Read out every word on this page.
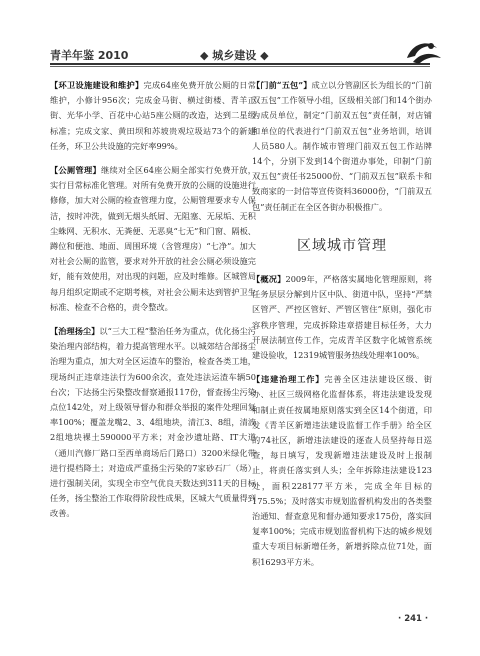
青羊年鉴 2010	◆ 城乡建设 ◆

【环卫设施建设和维护】完成64座免费开放公厕的日常维护，小修计956次；完成金马街、横过街楼、青羊正街、光华小学、百花中心站5座公厕的改造，达到二星级标准；完成文家、黄田坝和苏坡贵观垃圾站73个的新建任务，环卫公共设施的完好率99%。

【公厕管理】继续对全区64座公厕全部实行免费开放，实行目常标准化管理。对所有免费开放的公厕的设施进行修修，加大对公厕的检查管理力度，公厕管理要求专人保洁，按时冲洗，做到无烟头纸屑、无阻塞、无尿垢、无积尘蛛网、无积水、无粪便、无恶臭“七无”和门窗、隔板、蹲位和便池、地面、周围环境（含管理房）“七净”。加大对社会公厕的监管，要求对外开放的社会公厕必须设施完好，能有效使用，对出现的问题，应及时维修。区城管局每月组织定期或不定期考核，对社会公厕未达到管护卫生标准、检查不合格的，责令整改。

【治理扬尘】以“三大工程”整治任务为重点，优化扬尘污染治理内部结构，着力提高管理水平。以城郊结合部扬尘治理为重点，加大对全区运渣车的整治，检查各类工地，现场纠正违章违法行为600余次，查处违法运渣车辆50台次；下达扬尘污染整改督察通报117份，督查扬尘污染点位142处，对上级领导督办和群众举报的案件处理回复率100%；覆盖龙嘴2、3、4组地块，清江3、8组，清波2组地块裸土590000平方米；对金沙遗址路、IT大道（通川汽修厂路口至西单商场后门路口）3200米绿化带进行提档降土；对造成严重扬尘污染的7家砂石厂（场）进行强制关闭，实现全市空气优良天数达到311天的目标任务，扬尘整治工作取得阶段性成果，区城大气质量得到改善。

【门前“五包”】成立以分管副区长为组长的“门前双五包”工作领导小组，区级相关部门和14个街办为成员单位，制定“门前双五包”责任制，对店铺和单位的代表进行“门前双五包”业务培训，培训人员580人。制作城市管理门前双五包工作站牌14个，分别下发到14个街道办事处，印制“门前双五包”责任书25000份、“门前双五包”联系卡和致商家的一封信等宣传资料36000份，“门前双五包”责任制正在全区各街办积极推广。

区域城市管理

【概况】2009年，严格落实属地化管理原则，将任务层层分解到片区中队、街道中队，坚持“严禁区管严、严控区管好、严管区管住”原则，强化市容秩序管理，完成拆除违章搭建目标任务，大力开展法制宣传工作，完成青羊区数字化城管系统建设验收，12319城管服务热线处理率100%。

【违建治理工作】完善全区违法建设区级、街办、社区三级网格化监督体系，将违法建设发现和制止责任按属地原则落实到全区14个街道，印发《青羊区新增违法建设监督工作手册》给全区的74社区，新增违法建设的逐查人员坚持每日巡查，每日填写，发现新增违法建设及时上报制止，将责任落实到人头；全年拆除违法建设123处，面积228177平方米，完成全年目标的175.5%；及时落实市规划监督机构发出的各类整治通知、督查意见和督办通知要求175份，落实回复率100%；完成市规划监督机构下达的城乡规划重大专项目标新增任务，新增拆除点位71处，面积16293平方米。

· 241 ·
